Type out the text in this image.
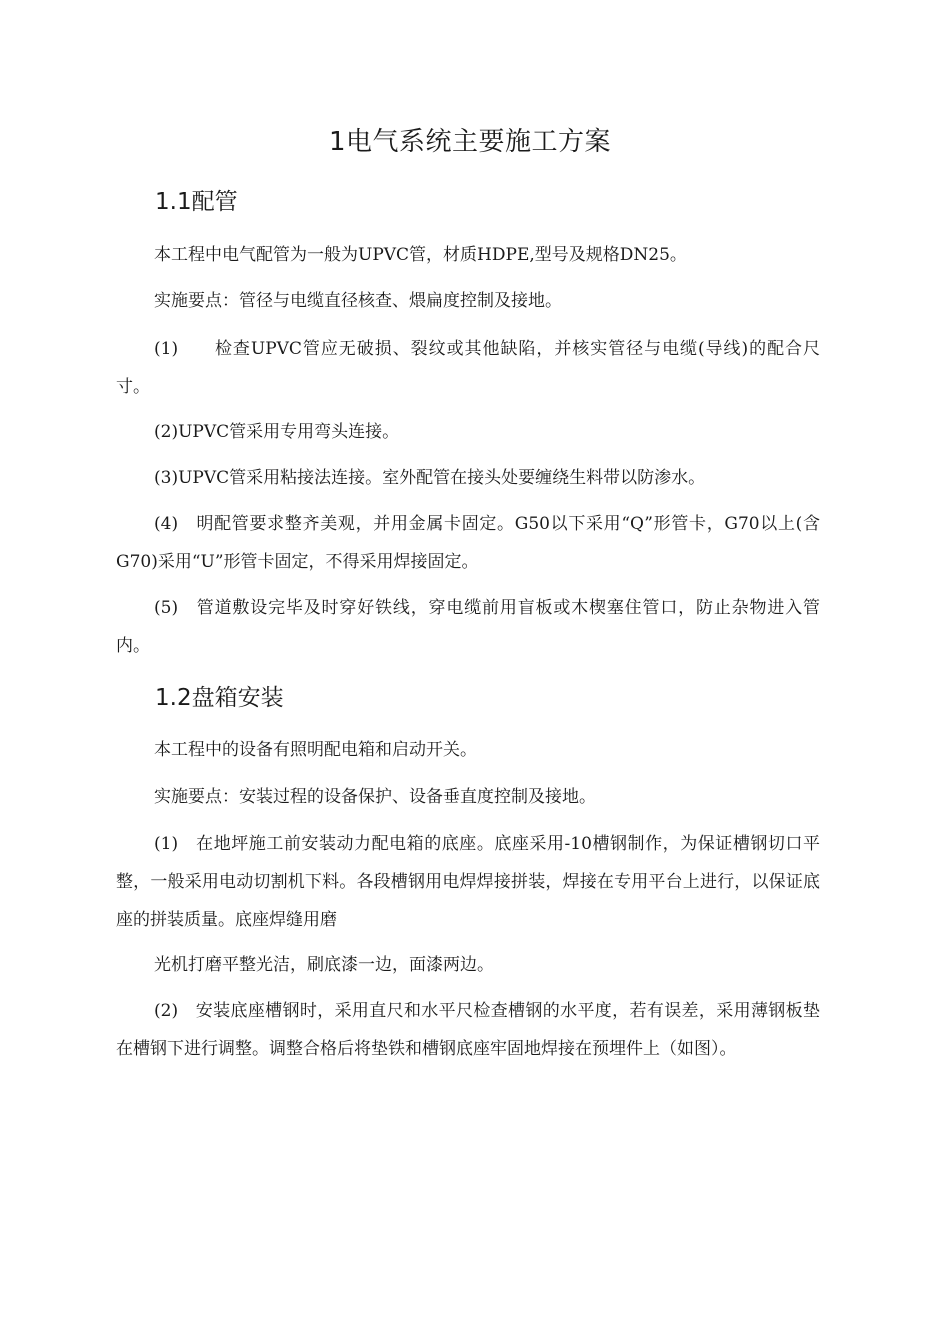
1电气系统主要施工方案
1.1配管

本工程中电气配管为一般为UPVC管，材质HDPE,型号及规格DN25。

实施要点：管径与电缆直径核查、煨扁度控制及接地。

(1)　　检查UPVC管应无破损、裂纹或其他缺陷，并核实管径与电缆(导线)的配合尺寸。

(2)UPVC管采用专用弯头连接。

(3)UPVC管采用粘接法连接。室外配管在接头处要缠绕生料带以防渗水。

(4)　明配管要求整齐美观，并用金属卡固定。G50以下采用“Q”形管卡，G70以上(含G70)采用“U”形管卡固定，不得采用焊接固定。

(5)　管道敷设完毕及时穿好铁线，穿电缆前用盲板或木楔塞住管口，防止杂物进入管内。

1.2盘箱安装

本工程中的设备有照明配电箱和启动开关。

实施要点：安装过程的设备保护、设备垂直度控制及接地。

(1)　在地坪施工前安装动力配电箱的底座。底座采用-10槽钢制作，为保证槽钢切口平整，一般采用电动切割机下料。各段槽钢用电焊焊接拼装，焊接在专用平台上进行，以保证底座的拼装质量。底座焊缝用磨

光机打磨平整光洁，刷底漆一边，面漆两边。

(2)　安装底座槽钢时，采用直尺和水平尺检查槽钢的水平度，若有误差，采用薄钢板垫在槽钢下进行调整。调整合格后将垫铁和槽钢底座牢固地焊接在预埋件上（如图）。
